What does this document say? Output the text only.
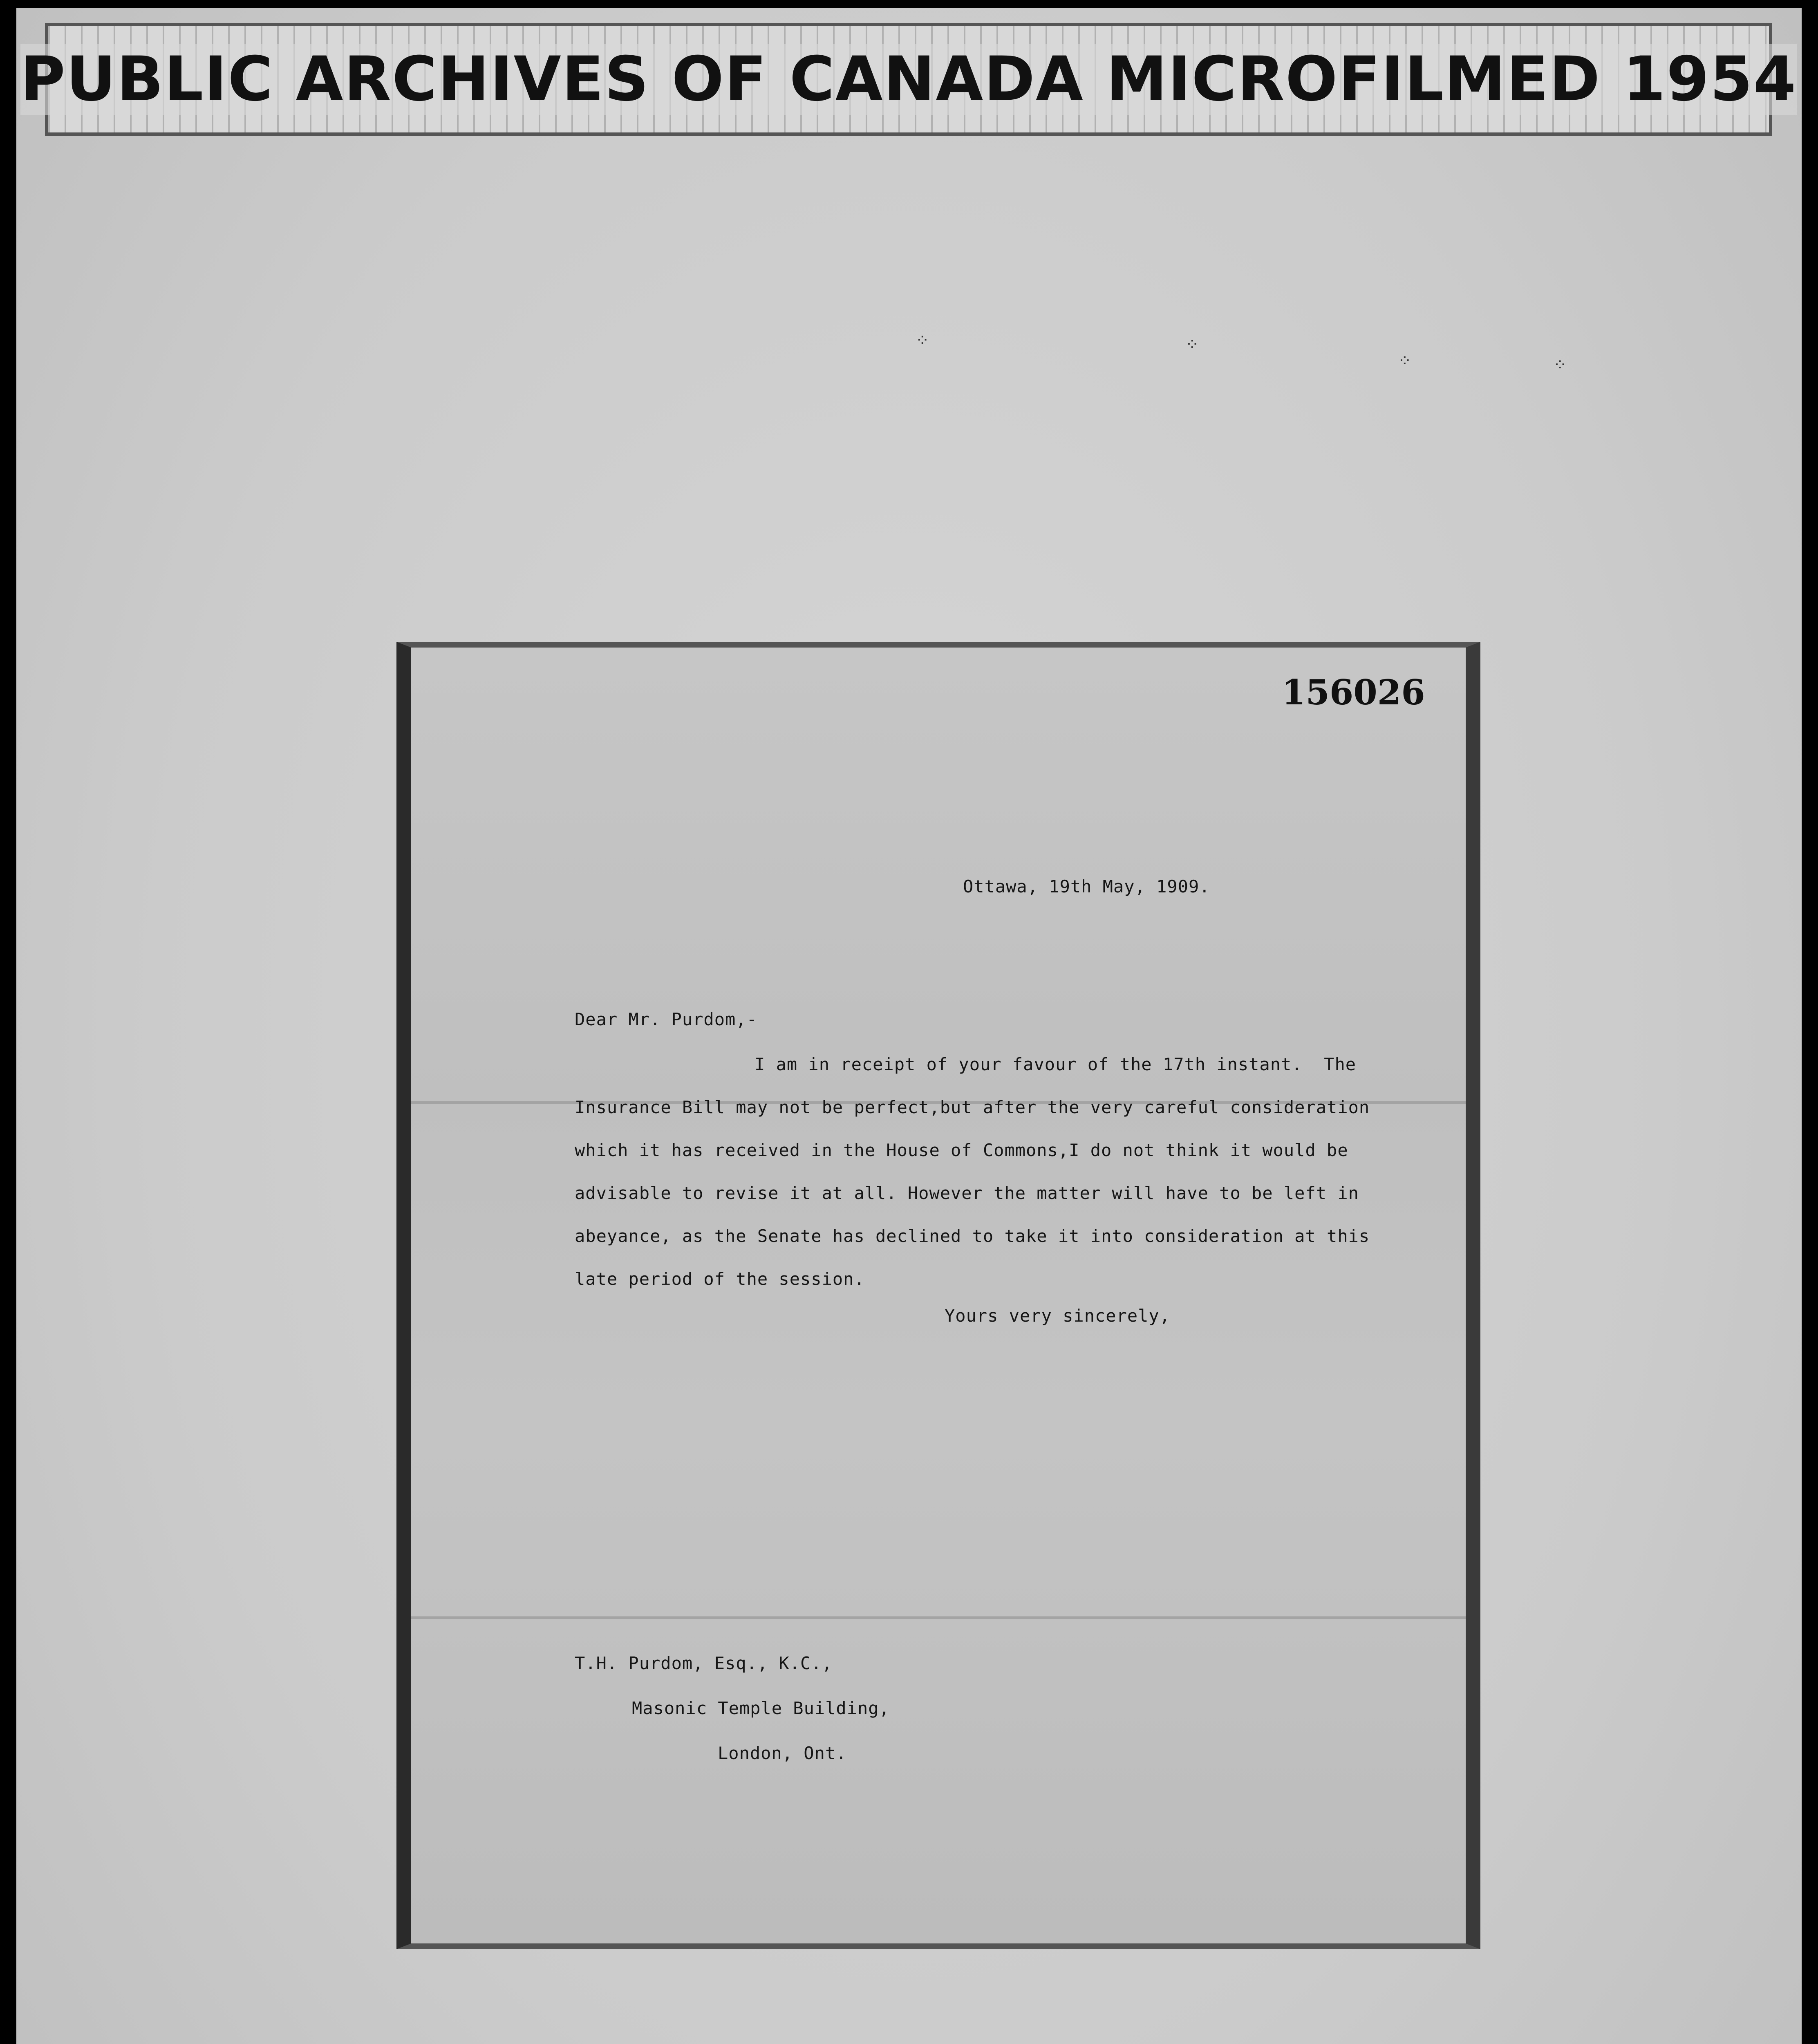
PUBLIC ARCHIVES OF CANADA MICROFILMED 1954
⁘	⁘
⁘	⁘
156026
Ottawa, 19th May, 1909.
Dear Mr. Purdom,-
I am in receipt of your favour of the 17th instant.  The
Insurance Bill may not be perfect,but after the very careful consideration
which it has received in the House of Commons,I do not think it would be
advisable to revise it at all. However the matter will have to be left in
abeyance, as the Senate has declined to take it into consideration at this
late period of the session.
Yours very sincerely,
T.H. Purdom, Esq., K.C.,
Masonic Temple Building,
London, Ont.
